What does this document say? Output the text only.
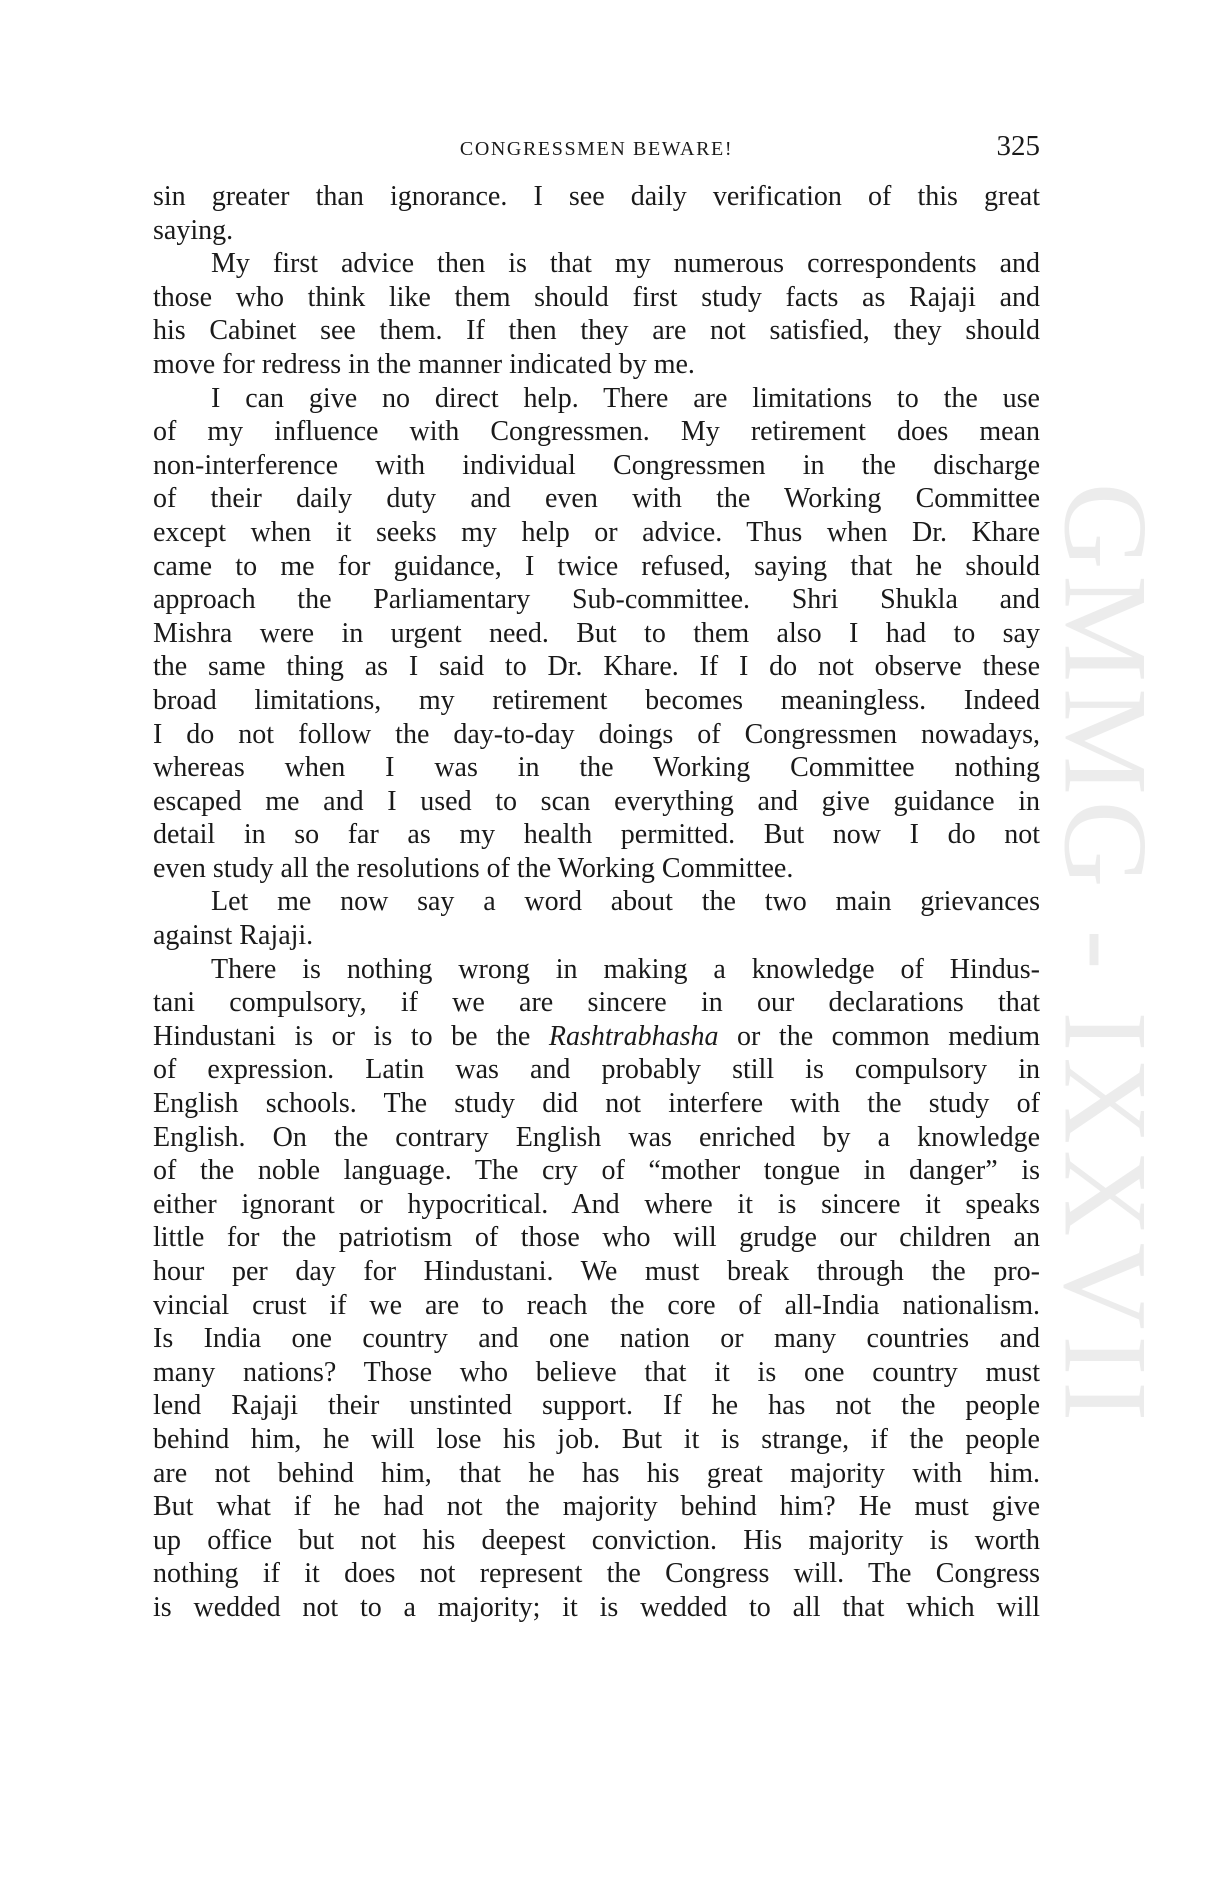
GMMG - IXXVII
CONGRESSMEN BEWARE!	325
sin greater than ignorance. I see daily verification of this great
saying.
My first advice then is that my numerous correspondents and
those who think like them should first study facts as Rajaji and
his Cabinet see them. If then they are not satisfied, they should
move for redress in the manner indicated by me.
I can give no direct help. There are limitations to the use
of my influence with Congressmen. My retirement does mean
non-interference with individual Congressmen in the discharge
of their daily duty and even with the Working Committee
except when it seeks my help or advice. Thus when Dr. Khare
came to me for guidance, I twice refused, saying that he should
approach the Parliamentary Sub-committee. Shri Shukla and
Mishra were in urgent need. But to them also I had to say
the same thing as I said to Dr. Khare. If I do not observe these
broad limitations, my retirement becomes meaningless. Indeed
I do not follow the day-to-day doings of Congressmen nowadays,
whereas when I was in the Working Committee nothing
escaped me and I used to scan everything and give guidance in
detail in so far as my health permitted. But now I do not
even study all the resolutions of the Working Committee.
Let me now say a word about the two main grievances
against Rajaji.
There is nothing wrong in making a knowledge of Hindus-
tani compulsory, if we are sincere in our declarations that
Hindustani is or is to be the Rashtrabhasha or the common medium
of expression. Latin was and probably still is compulsory in
English schools. The study did not interfere with the study of
English. On the contrary English was enriched by a knowledge
of the noble language. The cry of “mother tongue in danger” is
either ignorant or hypocritical. And where it is sincere it speaks
little for the patriotism of those who will grudge our children an
hour per day for Hindustani. We must break through the pro-
vincial crust if we are to reach the core of all-India nationalism.
Is India one country and one nation or many countries and
many nations? Those who believe that it is one country must
lend Rajaji their unstinted support. If he has not the people
behind him, he will lose his job. But it is strange, if the people
are not behind him, that he has his great majority with him.
But what if he had not the majority behind him? He must give
up office but not his deepest conviction. His majority is worth
nothing if it does not represent the Congress will. The Congress
is wedded not to a majority; it is wedded to all that which will
